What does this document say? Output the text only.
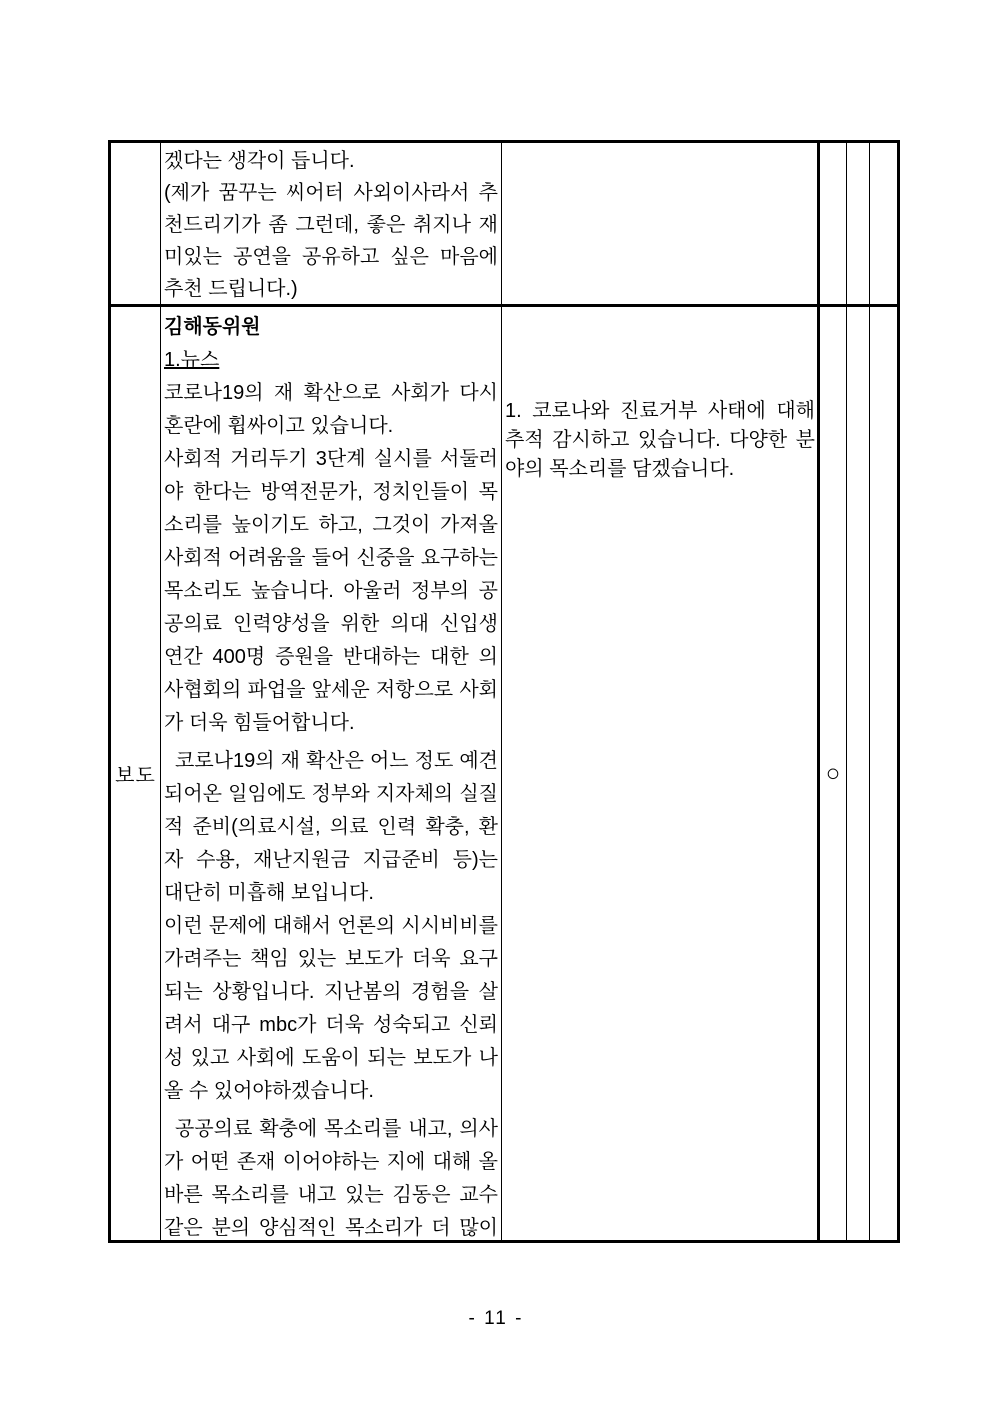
겠다는 생각이 듭니다.
(제가 꿈꾸는 씨어터 사외이사라서 추
천드리기가 좀 그런데, 좋은 취지나 재
미있는 공연을 공유하고 싶은 마음에
추천 드립니다.)
보도
김해동위원
1.뉴스
코로나19의 재 확산으로 사회가 다시
혼란에 휩싸이고 있습니다.
사회적 거리두기 3단계 실시를 서둘러
야 한다는 방역전문가, 정치인들이 목
소리를 높이기도 하고, 그것이 가져올
사회적 어려움을 들어 신중을 요구하는
목소리도 높습니다. 아울러 정부의 공
공의료 인력양성을 위한 의대 신입생
연간 400명 증원을 반대하는 대한 의
사협회의 파업을 앞세운 저항으로 사회
가 더욱 힘들어합니다.
코로나19의 재 확산은 어느 정도 예견
되어온 일임에도 정부와 지자체의 실질
적 준비(의료시설, 의료 인력 확충, 환
자 수용, 재난지원금 지급준비 등)는
대단히 미흡해 보입니다.
이런 문제에 대해서 언론의 시시비비를
가려주는 책임 있는 보도가 더욱 요구
되는 상황입니다. 지난봄의 경험을 살
려서 대구 mbc가 더욱 성숙되고 신뢰
성 있고 사회에 도움이 되는 보도가 나
올 수 있어야하겠습니다.
공공의료 확충에 목소리를 내고, 의사
가 어떤 존재 이어야하는 지에 대해 올
바른 목소리를 내고 있는 김동은 교수
같은 분의 양심적인 목소리가 더 많이
1. 코로나와 진료거부 사태에 대해
추적 감시하고 있습니다. 다양한 분
야의 목소리를 담겠습니다.
○
- 11 -
